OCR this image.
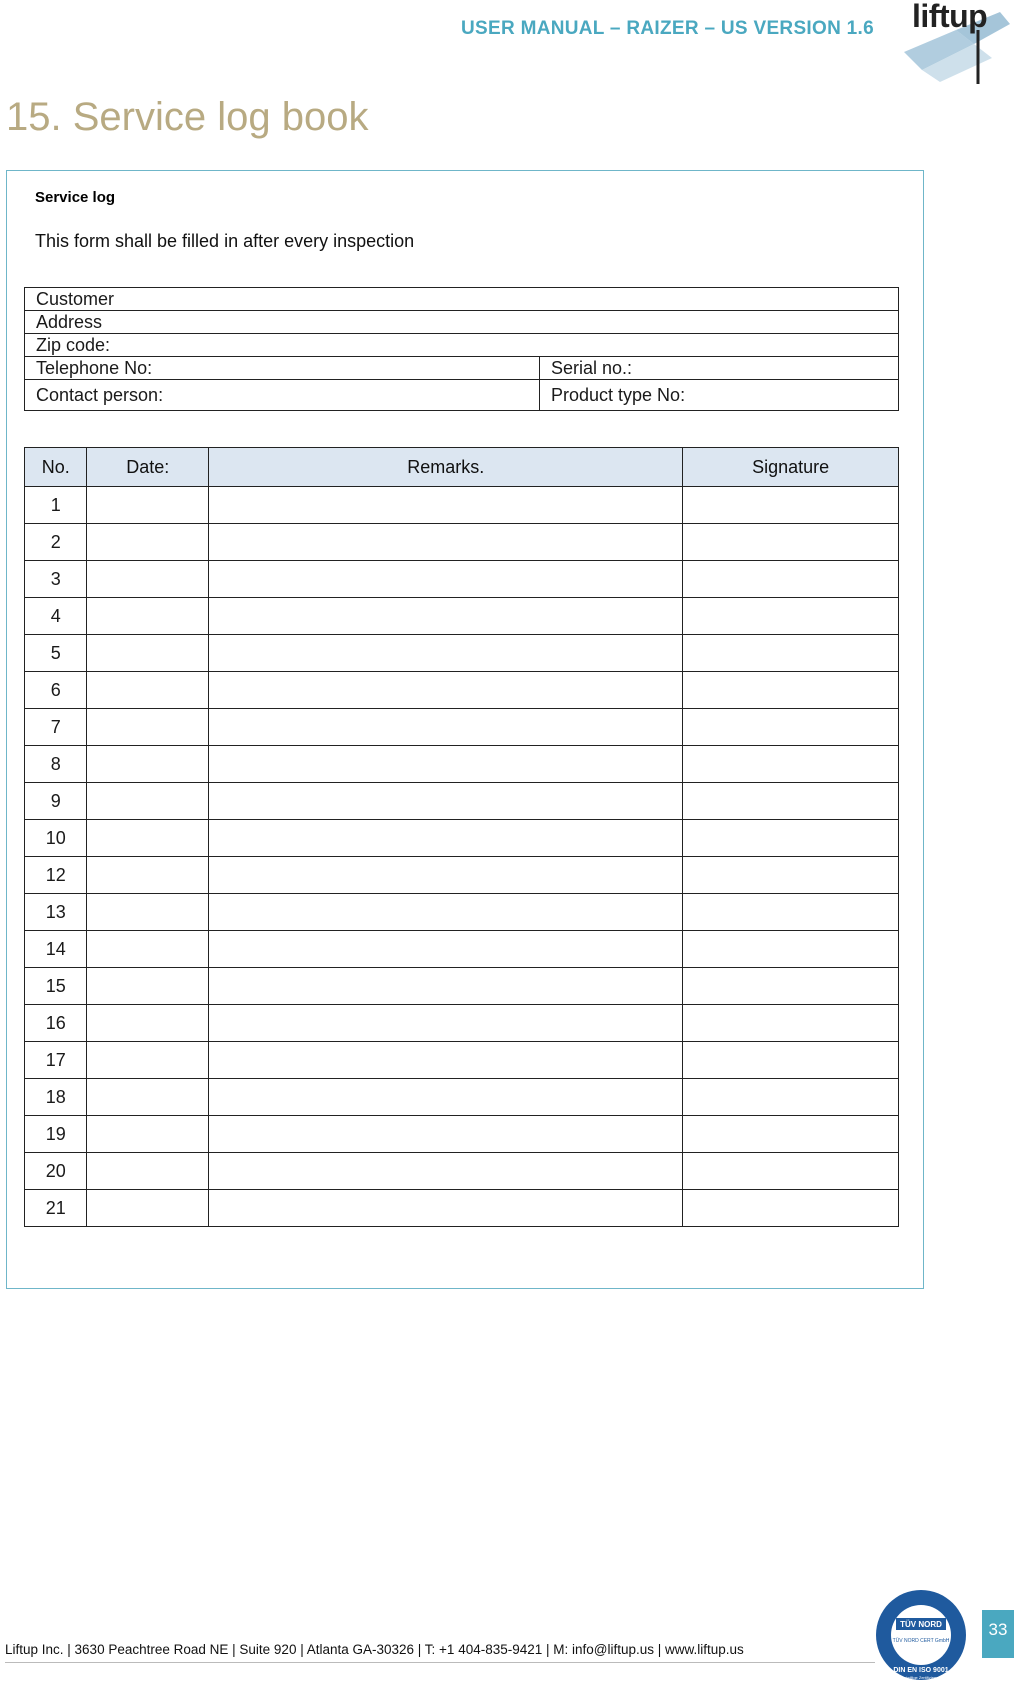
USER MANUAL – RAIZER – US VERSION 1.6 liftup
15. Service log book
Service log
This form shall be filled in after every inspection
Customer	
Address	
Zip code:	
Telephone No:	Serial no.:
Contact person:	Product type No:
No.	Date:	Remarks.	Signature
1			
2			
3			
4			
5			
6			
7			
8			
9			
10			
12			
13			
14			
15			
16			
17			
18			
19			
20			
21			
TÜV NORD
TÜV NORD CERT GmbH
DIN EN ISO 9001
Freiwillige Zertifizierung
33
Liftup Inc. | 3630 Peachtree Road NE | Suite 920 | Atlanta GA-30326 | T: +1 404-835-9421 | M: info@liftup.us | www.liftup.us
